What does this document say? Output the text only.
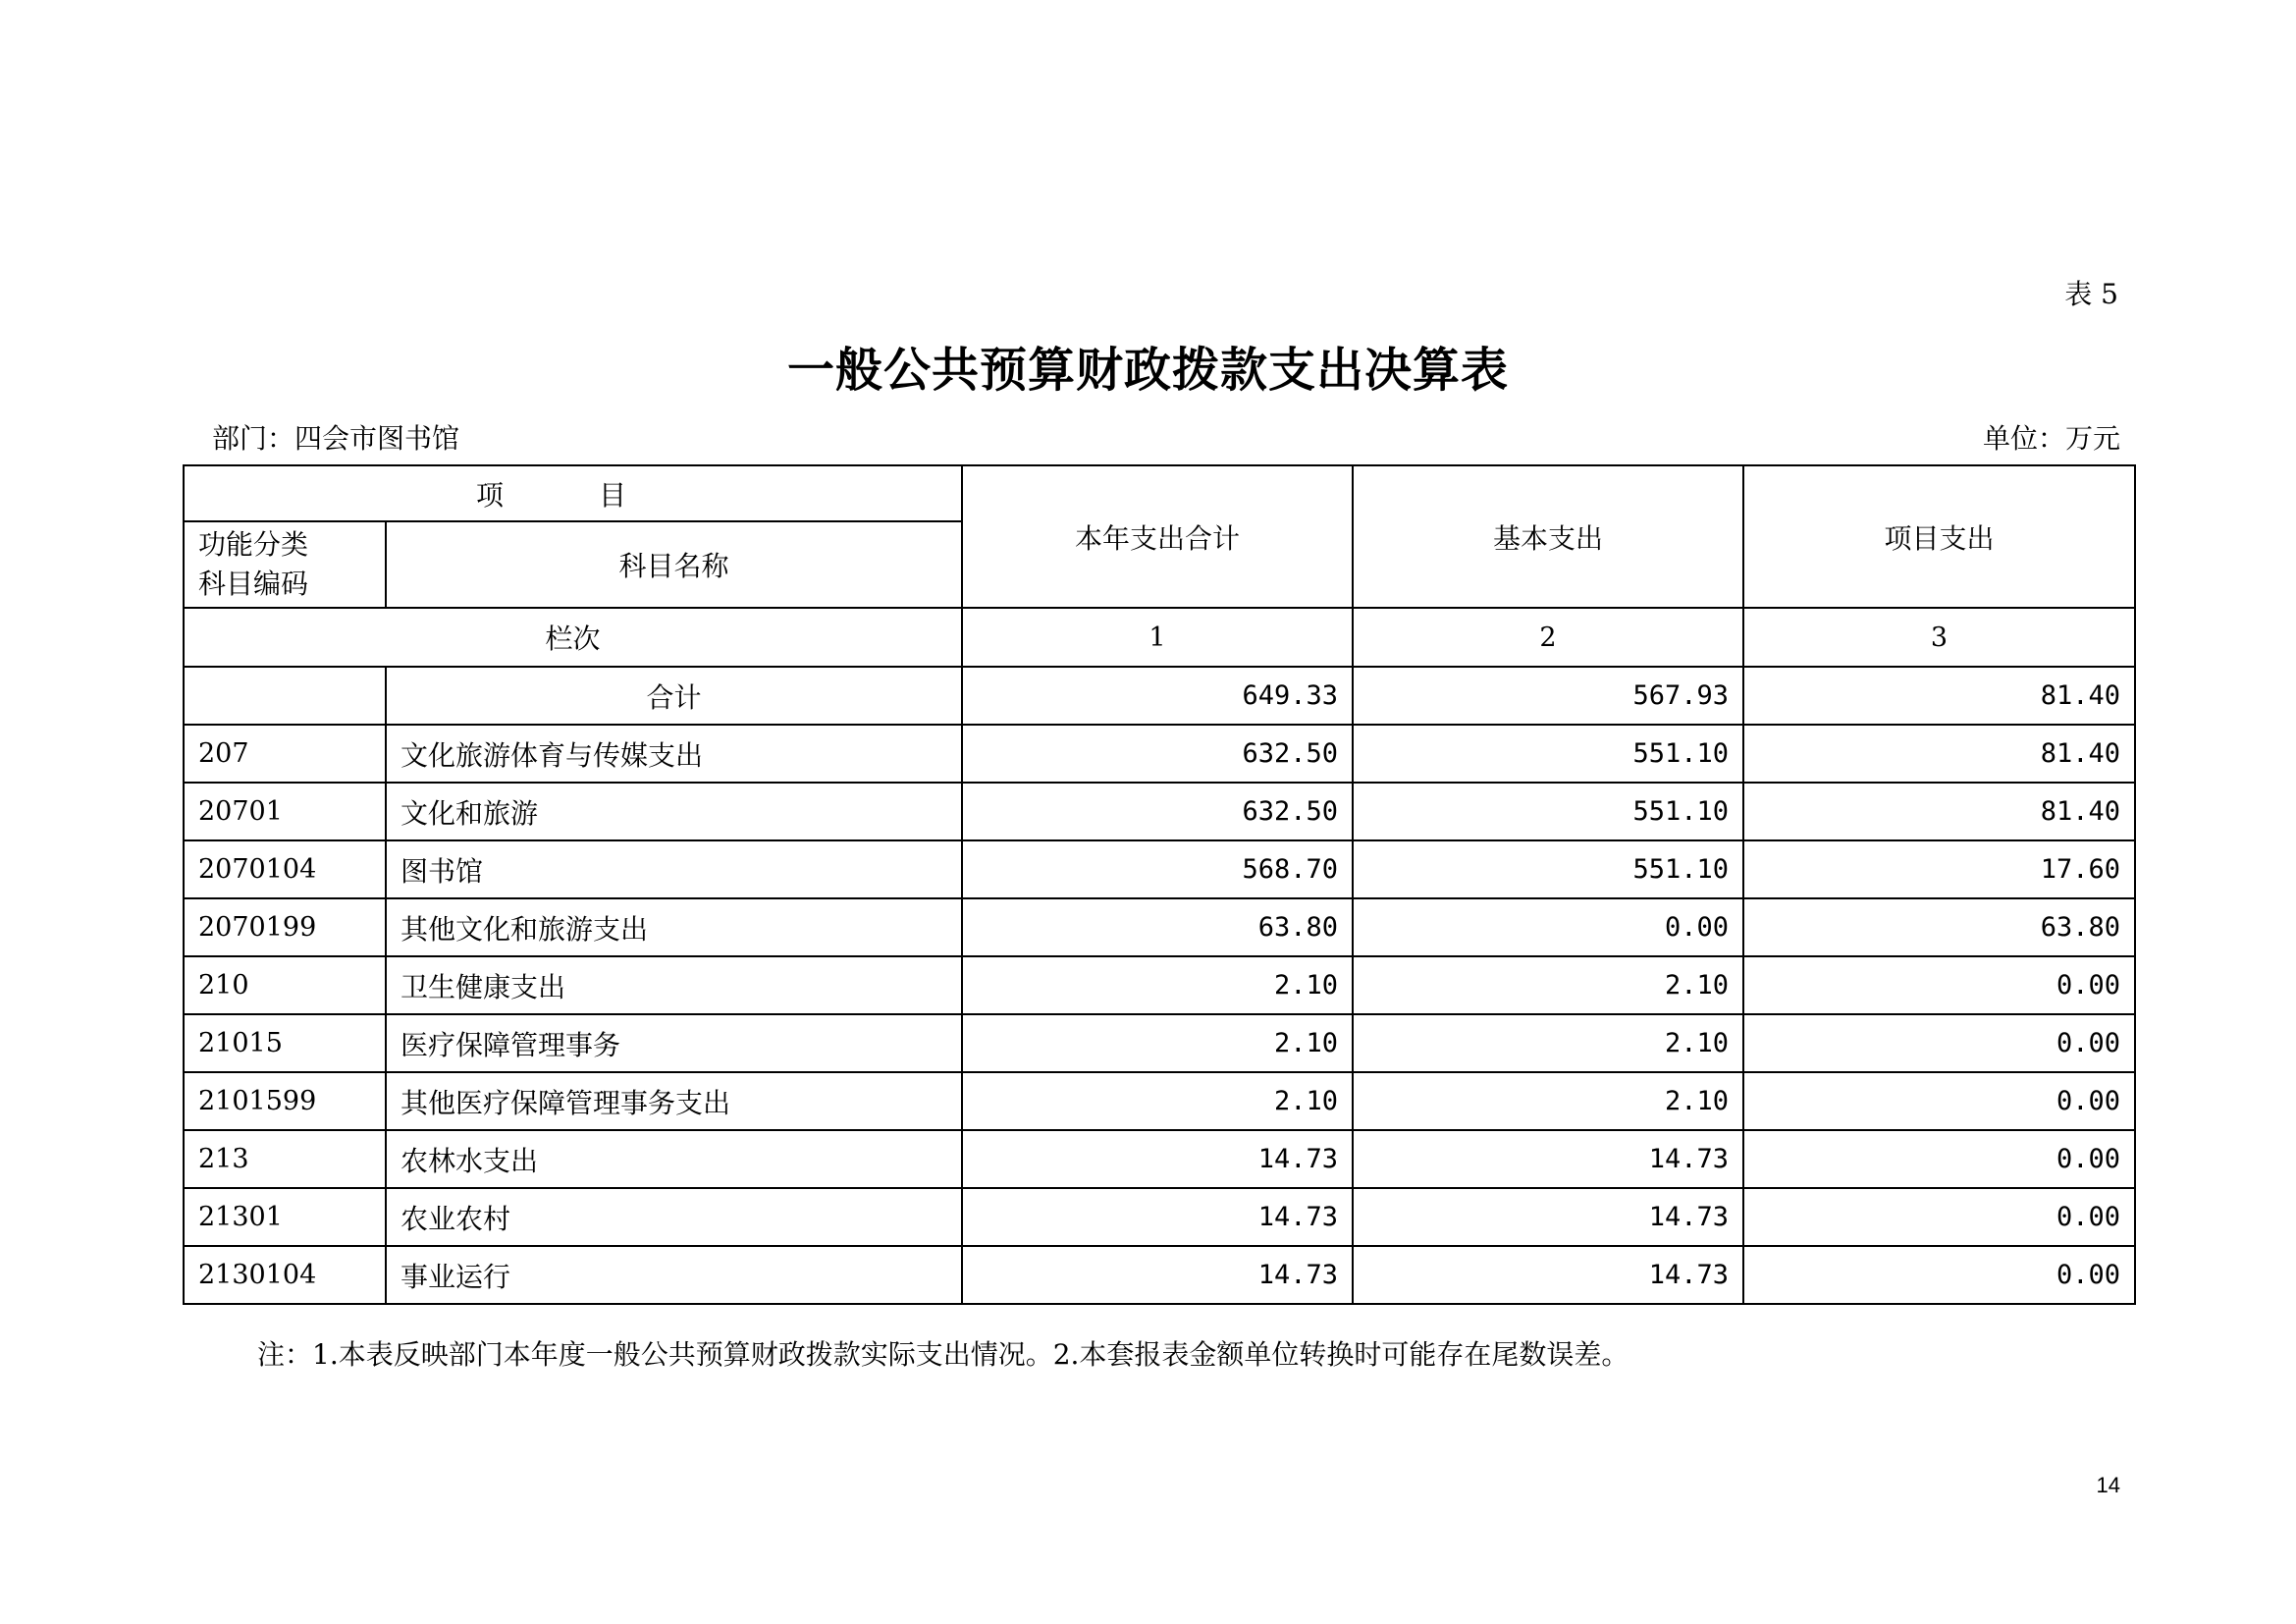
表 5
一般公共预算财政拨款支出决算表
部门：四会市图书馆	单位：万元
项 目		本年支出合计	基本支出	项目支出

功能分类
科目编码	科目名称			
栏次		1	2	3
	合计	649.33	567.93	81.40
207	文化旅游体育与传媒支出	632.50	551.10	81.40
20701	文化和旅游	632.50	551.10	81.40
2070104	图书馆	568.70	551.10	17.60
2070199	其他文化和旅游支出	63.80	0.00	63.80
210	卫生健康支出	2.10	2.10	0.00
21015	医疗保障管理事务	2.10	2.10	0.00
2101599	其他医疗保障管理事务支出	2.10	2.10	0.00
213	农林水支出	14.73	14.73	0.00
21301	农业农村	14.73	14.73	0.00
2130104	事业运行	14.73	14.73	0.00
注：1.本表反映部门本年度一般公共预算财政拨款实际支出情况。2.本套报表金额单位转换时可能存在尾数误差。
14
